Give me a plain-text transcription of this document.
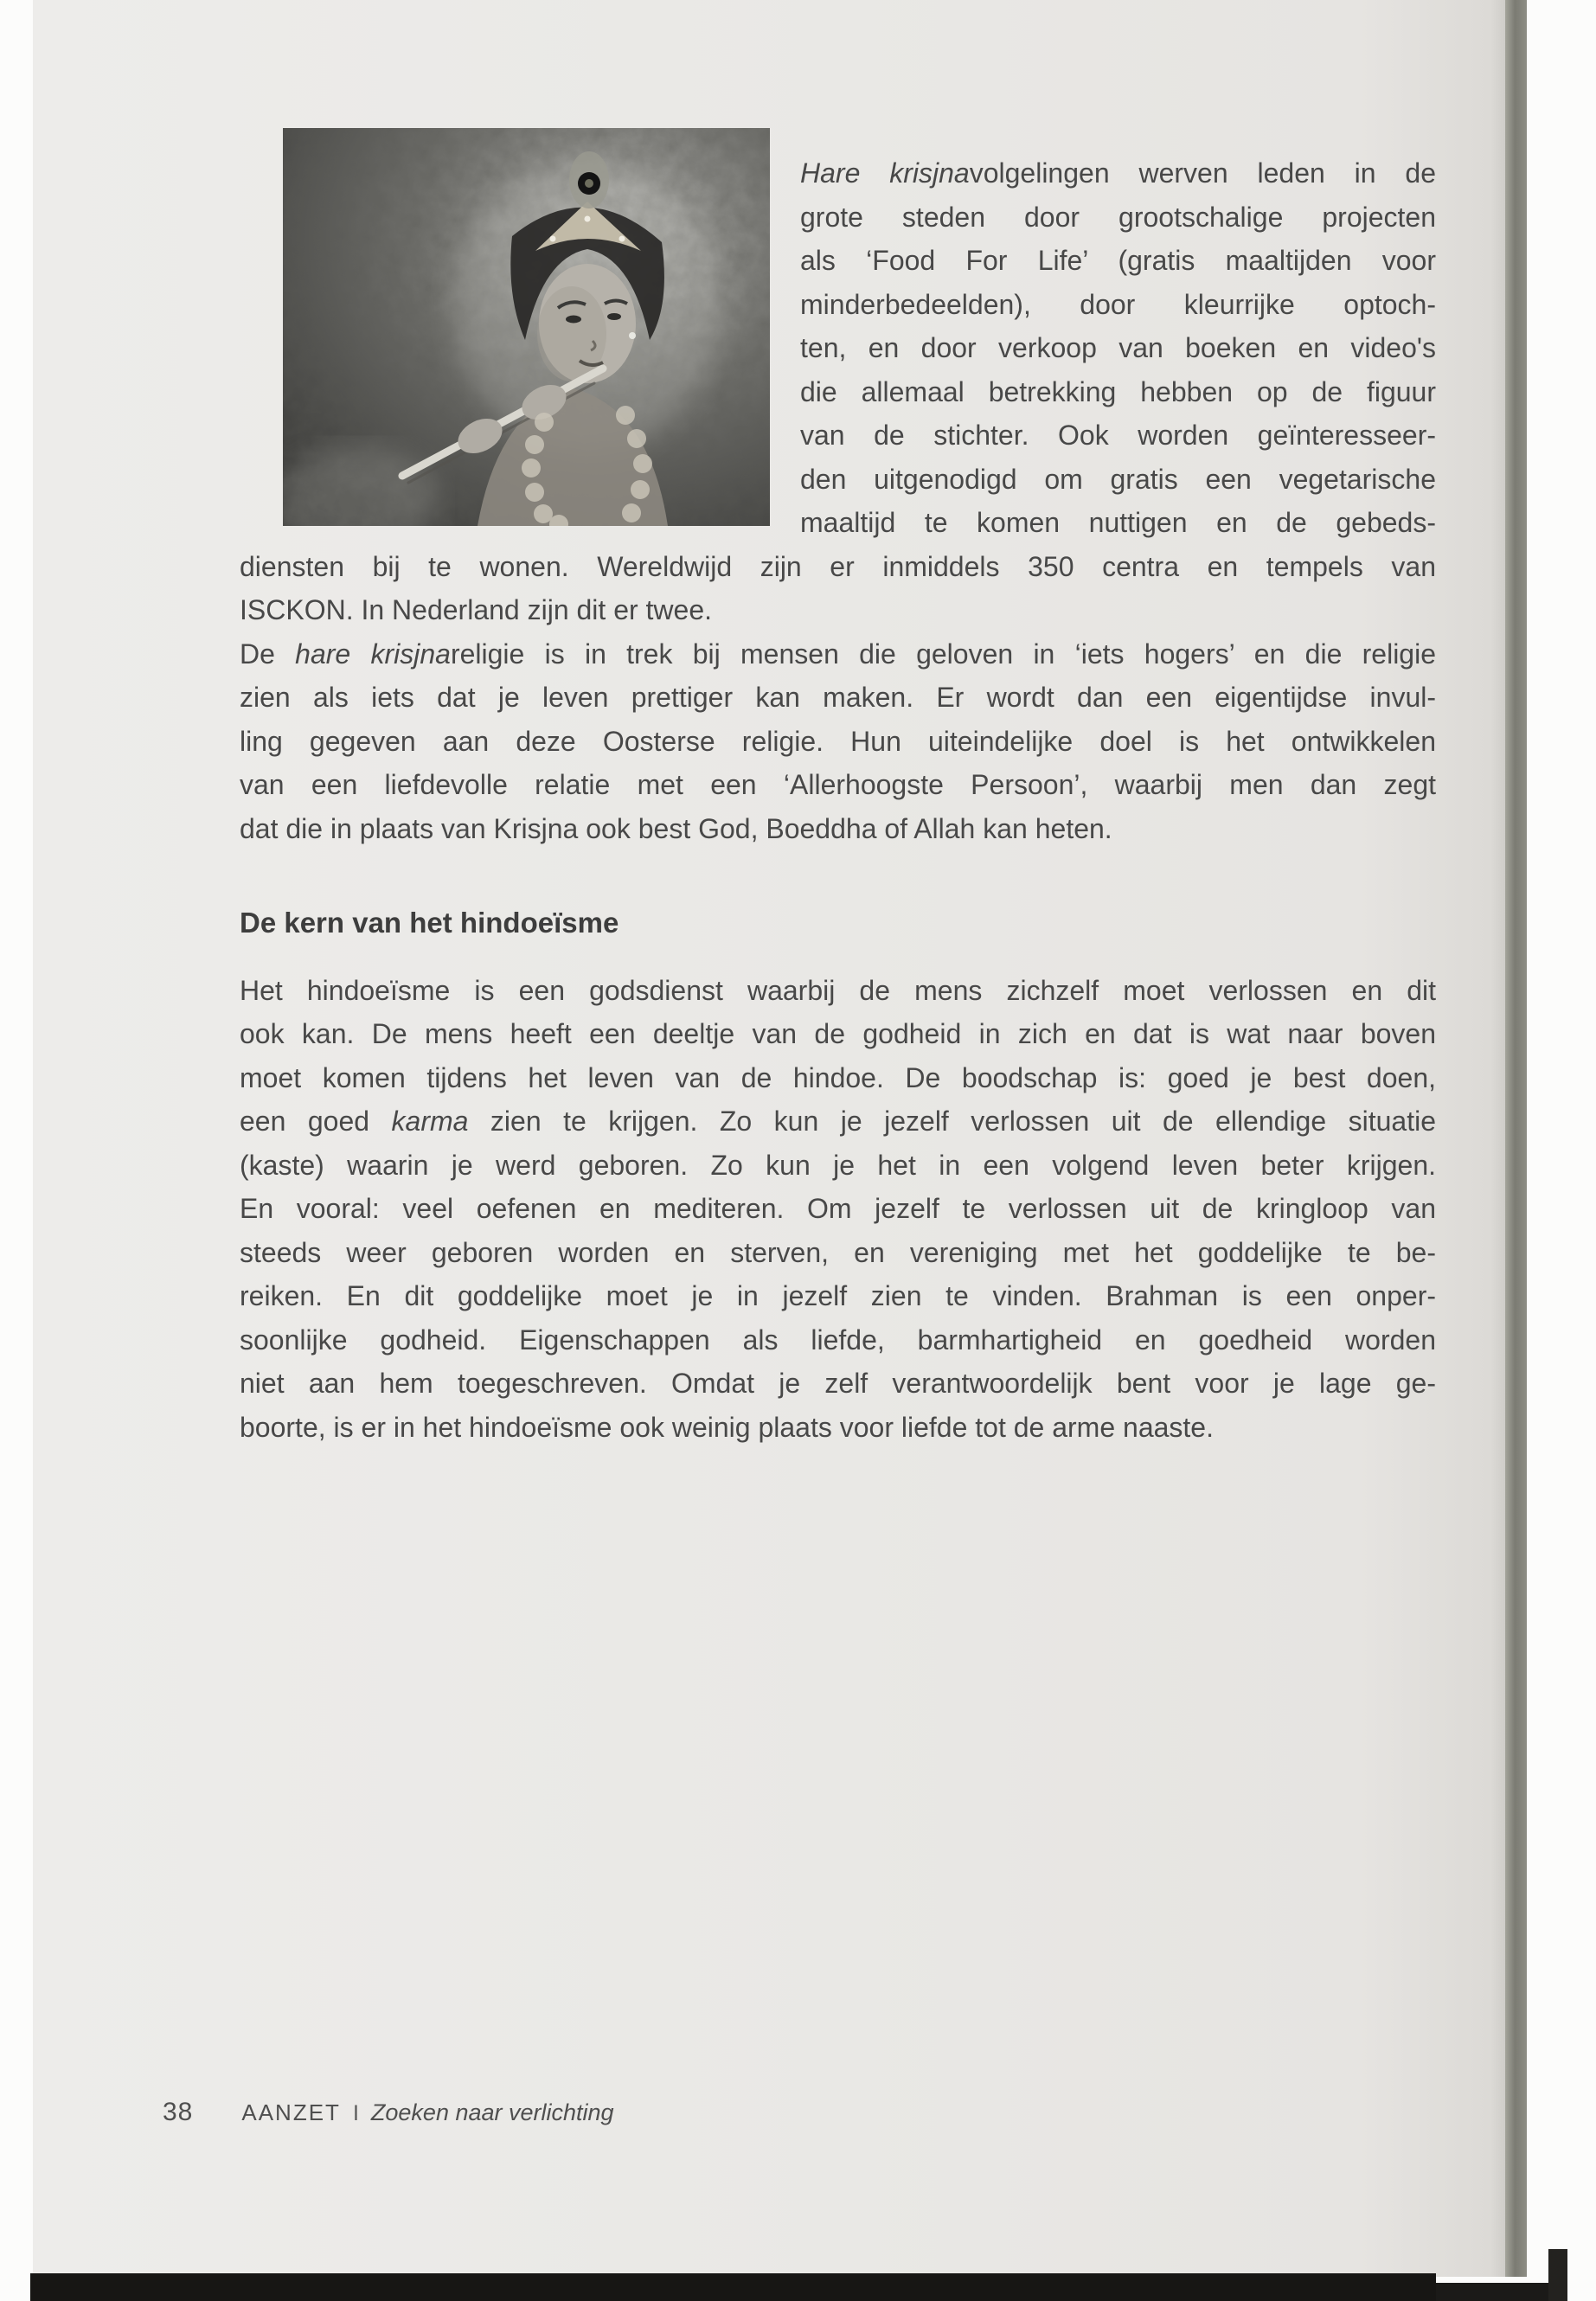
Hare krisjnavolgelingen werven leden in de
grote steden door grootschalige projecten
als ‘Food For Life’ (gratis maaltijden voor
minderbedeelden), door kleurrijke optoch-
ten, en door verkoop van boeken en video's
die allemaal betrekking hebben op de figuur
van de stichter. Ook worden geïnteresseer-
den uitgenodigd om gratis een vegetarische
maaltijd te komen nuttigen en de gebeds-
diensten bij te wonen. Wereldwijd zijn er inmiddels 350 centra en tempels van
ISCKON. In Nederland zijn dit er twee.
De hare krisjnareligie is in trek bij mensen die geloven in ‘iets hogers’ en die religie
zien als iets dat je leven prettiger kan maken. Er wordt dan een eigentijdse invul-
ling gegeven aan deze Oosterse religie. Hun uiteindelijke doel is het ontwikkelen
van een liefdevolle relatie met een ‘Allerhoogste Persoon’, waarbij men dan zegt
dat die in plaats van Krisjna ook best God, Boeddha of Allah kan heten.
De kern van het hindoeïsme
Het hindoeïsme is een godsdienst waarbij de mens zichzelf moet verlossen en dit
ook kan. De mens heeft een deeltje van de godheid in zich en dat is wat naar boven
moet komen tijdens het leven van de hindoe. De boodschap is: goed je best doen,
een goed karma zien te krijgen. Zo kun je jezelf verlossen uit de ellendige situatie
(kaste) waarin je werd geboren. Zo kun je het in een volgend leven beter krijgen.
En vooral: veel oefenen en mediteren. Om jezelf te verlossen uit de kringloop van
steeds weer geboren worden en sterven, en vereniging met het goddelijke te be-
reiken. En dit goddelijke moet je in jezelf zien te vinden. Brahman is een onper-
soonlijke godheid. Eigenschappen als liefde, barmhartigheid en goedheid worden
niet aan hem toegeschreven. Omdat je zelf verantwoordelijk bent voor je lage ge-
boorte, is er in het hindoeïsme ook weinig plaats voor liefde tot de arme naaste.
38 AANZET I Zoeken naar verlichting
